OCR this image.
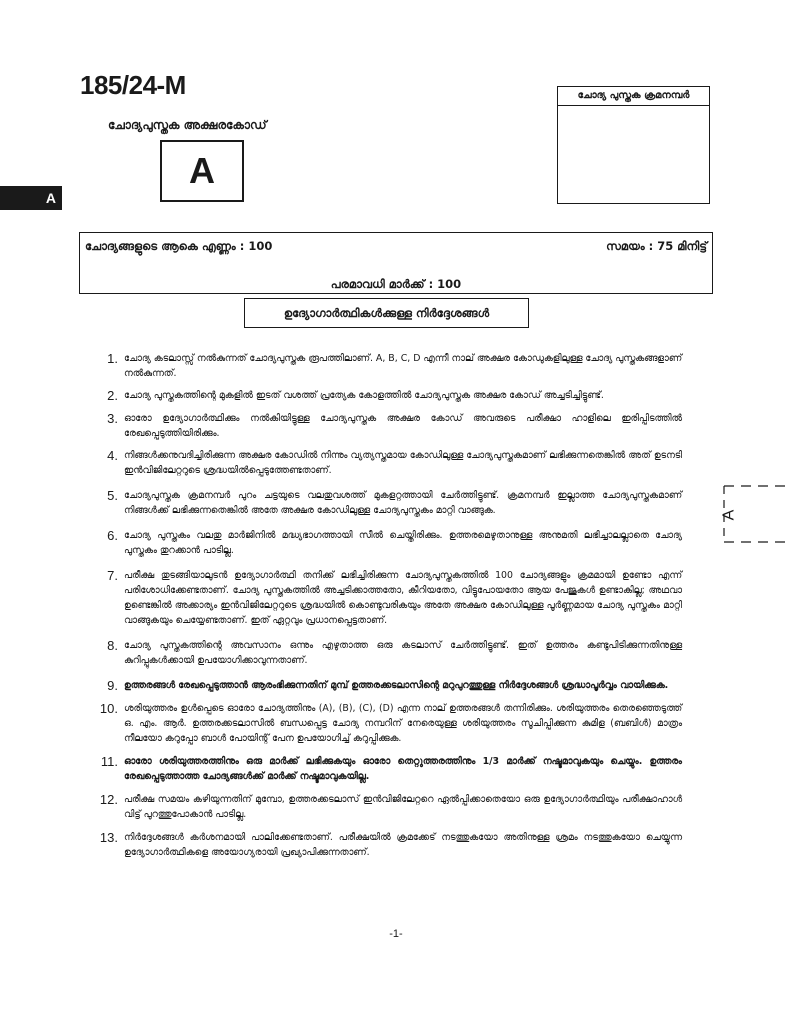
185/24-M
ചോദ്യപുസ്തക അക്ഷരകോഡ്
A
A
ചോദ്യ പുസ്തക ക്രമനമ്പർ
ചോദ്യങ്ങളുടെ ആകെ എണ്ണം : 100	സമയം : 75 മിനിട്ട്
പരമാവധി മാർക്ക് : 100
ഉദ്യോഗാർത്ഥികൾക്കുള്ള നിർദ്ദേശങ്ങൾ
1. ചോദ്യ കടലാസ്സ് നൽകുന്നത് ചോദ്യപുസ്തക രൂപത്തിലാണ്. A, B, C, D എന്നീ നാല് അക്ഷര കോഡുകളിലുള്ള ചോദ്യ പുസ്തകങ്ങളാണ് നൽകുന്നത്.
2. ചോദ്യ പുസ്തകത്തിന്റെ മുകളിൽ ഇടത് വശത്ത് പ്രത്യേക കോളത്തിൽ ചോദ്യപുസ്തക അക്ഷര കോഡ് അച്ചടിച്ചിട്ടുണ്ട്.
3. ഓരോ ഉദ്യോഗാർത്ഥിക്കും നൽകിയിട്ടുള്ള ചോദ്യപുസ്തക അക്ഷര കോഡ് അവരുടെ പരീക്ഷാ ഹാളിലെ ഇരിപ്പിടത്തിൽ രേഖപ്പെടുത്തിയിരിക്കും.
4. നിങ്ങൾക്കനുവദിച്ചിരിക്കുന്ന അക്ഷര കോഡിൽ നിന്നും വ്യത്യസ്തമായ കോഡിലുള്ള ചോദ്യപുസ്തകമാണ് ലഭിക്കുന്നതെങ്കിൽ അത് ഉടനടി ഇൻവിജിലേറ്ററുടെ ശ്രദ്ധയിൽപ്പെടുത്തേണ്ടതാണ്.
5. ചോദ്യപുസ്തക ക്രമനമ്പർ പുറം ചട്ടയുടെ വലതുവശത്ത് മുകളറ്റത്തായി ചേർത്തിട്ടുണ്ട്. ക്രമനമ്പർ ഇല്ലാത്ത ചോദ്യപുസ്തകമാണ് നിങ്ങൾക്ക് ലഭിക്കുന്നതെങ്കിൽ അതേ അക്ഷര കോഡിലുള്ള ചോദ്യപുസ്തകം മാറ്റി വാങ്ങുക.
6. ചോദ്യ പുസ്തകം വലതു മാർജിനിൽ മദ്ധ്യഭാഗത്തായി സീൽ ചെയ്തിരിക്കും. ഉത്തരമെഴുതാനുള്ള അനുമതി ലഭിച്ചാലല്ലാതെ ചോദ്യ പുസ്തകം തുറക്കാൻ പാടില്ല.
7. പരീക്ഷ തുടങ്ങിയാലുടൻ ഉദ്യോഗാർത്ഥി തനിക്ക് ലഭിച്ചിരിക്കുന്ന ചോദ്യപുസ്തകത്തിൽ 100 ചോദ്യങ്ങളും ക്രമമായി ഉണ്ടോ എന്ന് പരിശോധിക്കേണ്ടതാണ്. ചോദ്യ പുസ്തകത്തിൽ അച്ചടിക്കാത്തതോ, കീറിയതോ, വിട്ടുപോയതോ ആയ പേജുകൾ ഉണ്ടാകില്ല; അഥവാ ഉണ്ടെങ്കിൽ അക്കാര്യം ഇൻവിജിലേറ്ററുടെ ശ്രദ്ധയിൽ കൊണ്ടുവരികയും അതേ അക്ഷര കോഡിലുള്ള പൂർണ്ണമായ ചോദ്യ പുസ്തകം മാറ്റി വാങ്ങുകയും ചെയ്യേണ്ടതാണ്. ഇത് ഏറ്റവും പ്രധാനപ്പെട്ടതാണ്.
8. ചോദ്യ പുസ്തകത്തിന്റെ അവസാനം ഒന്നും എഴുതാത്ത ഒരു കടലാസ് ചേർത്തിട്ടുണ്ട്. ഇത് ഉത്തരം കണ്ടുപിടിക്കുന്നതിനുള്ള കുറിപ്പുകൾക്കായി ഉപയോഗിക്കാവുന്നതാണ്.
9. ഉത്തരങ്ങൾ രേഖപ്പെടുത്താൻ ആരംഭിക്കുന്നതിന് മുമ്പ് ഉത്തരക്കടലാസിന്റെ മറുപുറത്തുള്ള നിർദ്ദേശങ്ങൾ ശ്രദ്ധാപൂർവ്വം വായിക്കുക.
10. ശരിയുത്തരം ഉൾപ്പെടെ ഓരോ ചോദ്യത്തിനും (A), (B), (C), (D) എന്ന നാല് ഉത്തരങ്ങൾ തന്നിരിക്കും. ശരിയുത്തരം തെരഞ്ഞെടുത്ത് ഒ. എം. ആർ. ഉത്തരക്കടലാസിൽ ബന്ധപ്പെട്ട ചോദ്യ നമ്പറിന് നേരെയുള്ള ശരിയുത്തരം സൂചിപ്പിക്കുന്ന കുമിള (ബബിൾ) മാത്രം നീലയോ കറുപ്പോ ബാൾ പോയിന്റ് പേന ഉപയോഗിച്ച് കറുപ്പിക്കുക.
11. ഓരോ ശരിയുത്തരത്തിനും ഒരു മാർക്ക് ലഭിക്കുകയും ഓരോ തെറ്റുത്തരത്തിനും 1/3 മാർക്ക് നഷ്ടമാവുകയും ചെയ്യും. ഉത്തരം രേഖപ്പെടുത്താത്ത ചോദ്യങ്ങൾക്ക് മാർക്ക് നഷ്ടമാവുകയില്ല.
12. പരീക്ഷ സമയം കഴിയുന്നതിന് മുമ്പോ, ഉത്തരക്കടലാസ് ഇൻവിജിലേറ്ററെ ഏൽപ്പിക്കാതെയോ ഒരു ഉദ്യോഗാർത്ഥിയും പരീക്ഷാഹാൾ വിട്ട് പുറത്തുപോകാൻ പാടില്ല.
13. നിർദ്ദേശങ്ങൾ കർശനമായി പാലിക്കേണ്ടതാണ്. പരീക്ഷയിൽ ക്രമക്കേട് നടത്തുകയോ അതിനുള്ള ശ്രമം നടത്തുകയോ ചെയ്യുന്ന ഉദ്യോഗാർത്ഥികളെ അയോഗ്യരായി പ്രഖ്യാപിക്കുന്നതാണ്.
A
-1-
